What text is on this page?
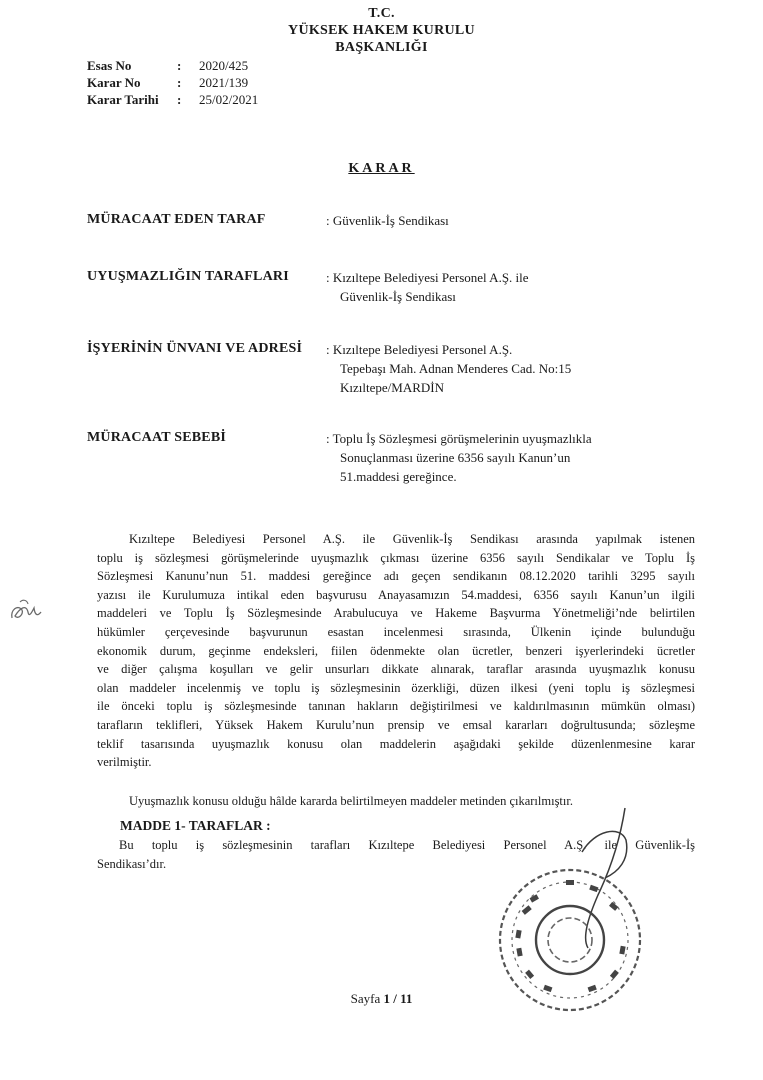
T.C.
YÜKSEK HAKEM KURULU
BAŞKANLIĞI
Esas No	: 2020/425
Karar No	: 2021/139
Karar Tarihi : 25/02/2021
KARAR
MÜRACAAT EDEN TARAF	: Güvenlik-İş Sendikası
UYUŞMAZLIĞIN TARAFLARI	: Kızıltepe Belediyesi Personel A.Ş. ile
Güvenlik-İş Sendikası
İŞYERİNİN ÜNVANI VE ADRESİ : Kızıltepe Belediyesi Personel A.Ş.
Tepebaşı Mah. Adnan Menderes Cad. No:15
Kızıltepe/MARDİN
MÜRACAAT SEBEBİ	: Toplu İş Sözleşmesi görüşmelerinin uyuşmazlıkla
Sonuçlanması üzerine 6356 sayılı Kanun’un
51.maddesi gereğince.
Kızıltepe Belediyesi Personel A.Ş. ile Güvenlik-İş Sendikası arasında yapılmak istenen
toplu iş sözleşmesi görüşmelerinde uyuşmazlık çıkması üzerine 6356 sayılı Sendikalar ve Toplu İş
Sözleşmesi Kanunu’nun 51. maddesi gereğince adı geçen sendikanın 08.12.2020 tarihli 3295 sayılı
yazısı ile Kurulumuza intikal eden başvurusu Anayasamızın 54.maddesi, 6356 sayılı Kanun’un ilgili
maddeleri ve Toplu İş Sözleşmesinde Arabulucuya ve Hakeme Başvurma Yönetmeliği’nde belirtilen
hükümler çerçevesinde başvurunun esastan incelenmesi sırasında, Ülkenin içinde bulunduğu
ekonomik durum, geçinme endeksleri, fiilen ödenmekte olan ücretler, benzeri işyerlerindeki ücretler
ve diğer çalışma koşulları ve gelir unsurları dikkate alınarak, taraflar arasında uyuşmazlık konusu
olan maddeler incelenmiş ve toplu iş sözleşmesinin özerkliği, düzen ilkesi (yeni toplu iş sözleşmesi
ile önceki toplu iş sözleşmesinde tanınan hakların değiştirilmesi ve kaldırılmasının mümkün olması)
tarafların teklifleri, Yüksek Hakem Kurulu’nun prensip ve emsal kararları doğrultusunda; sözleşme
teklif tasarısında uyuşmazlık konusu olan maddelerin aşağıdaki şekilde düzenlenmesine karar
verilmiştir.
Uyuşmazlık konusu olduğu hâlde kararda belirtilmeyen maddeler metinden çıkarılmıştır.
MADDE 1- TARAFLAR :
Bu toplu iş sözleşmesinin tarafları Kızıltepe Belediyesi Personel A.Ş. ile Güvenlik-İş
Sendikası’dır.
Sayfa 1 / 11
